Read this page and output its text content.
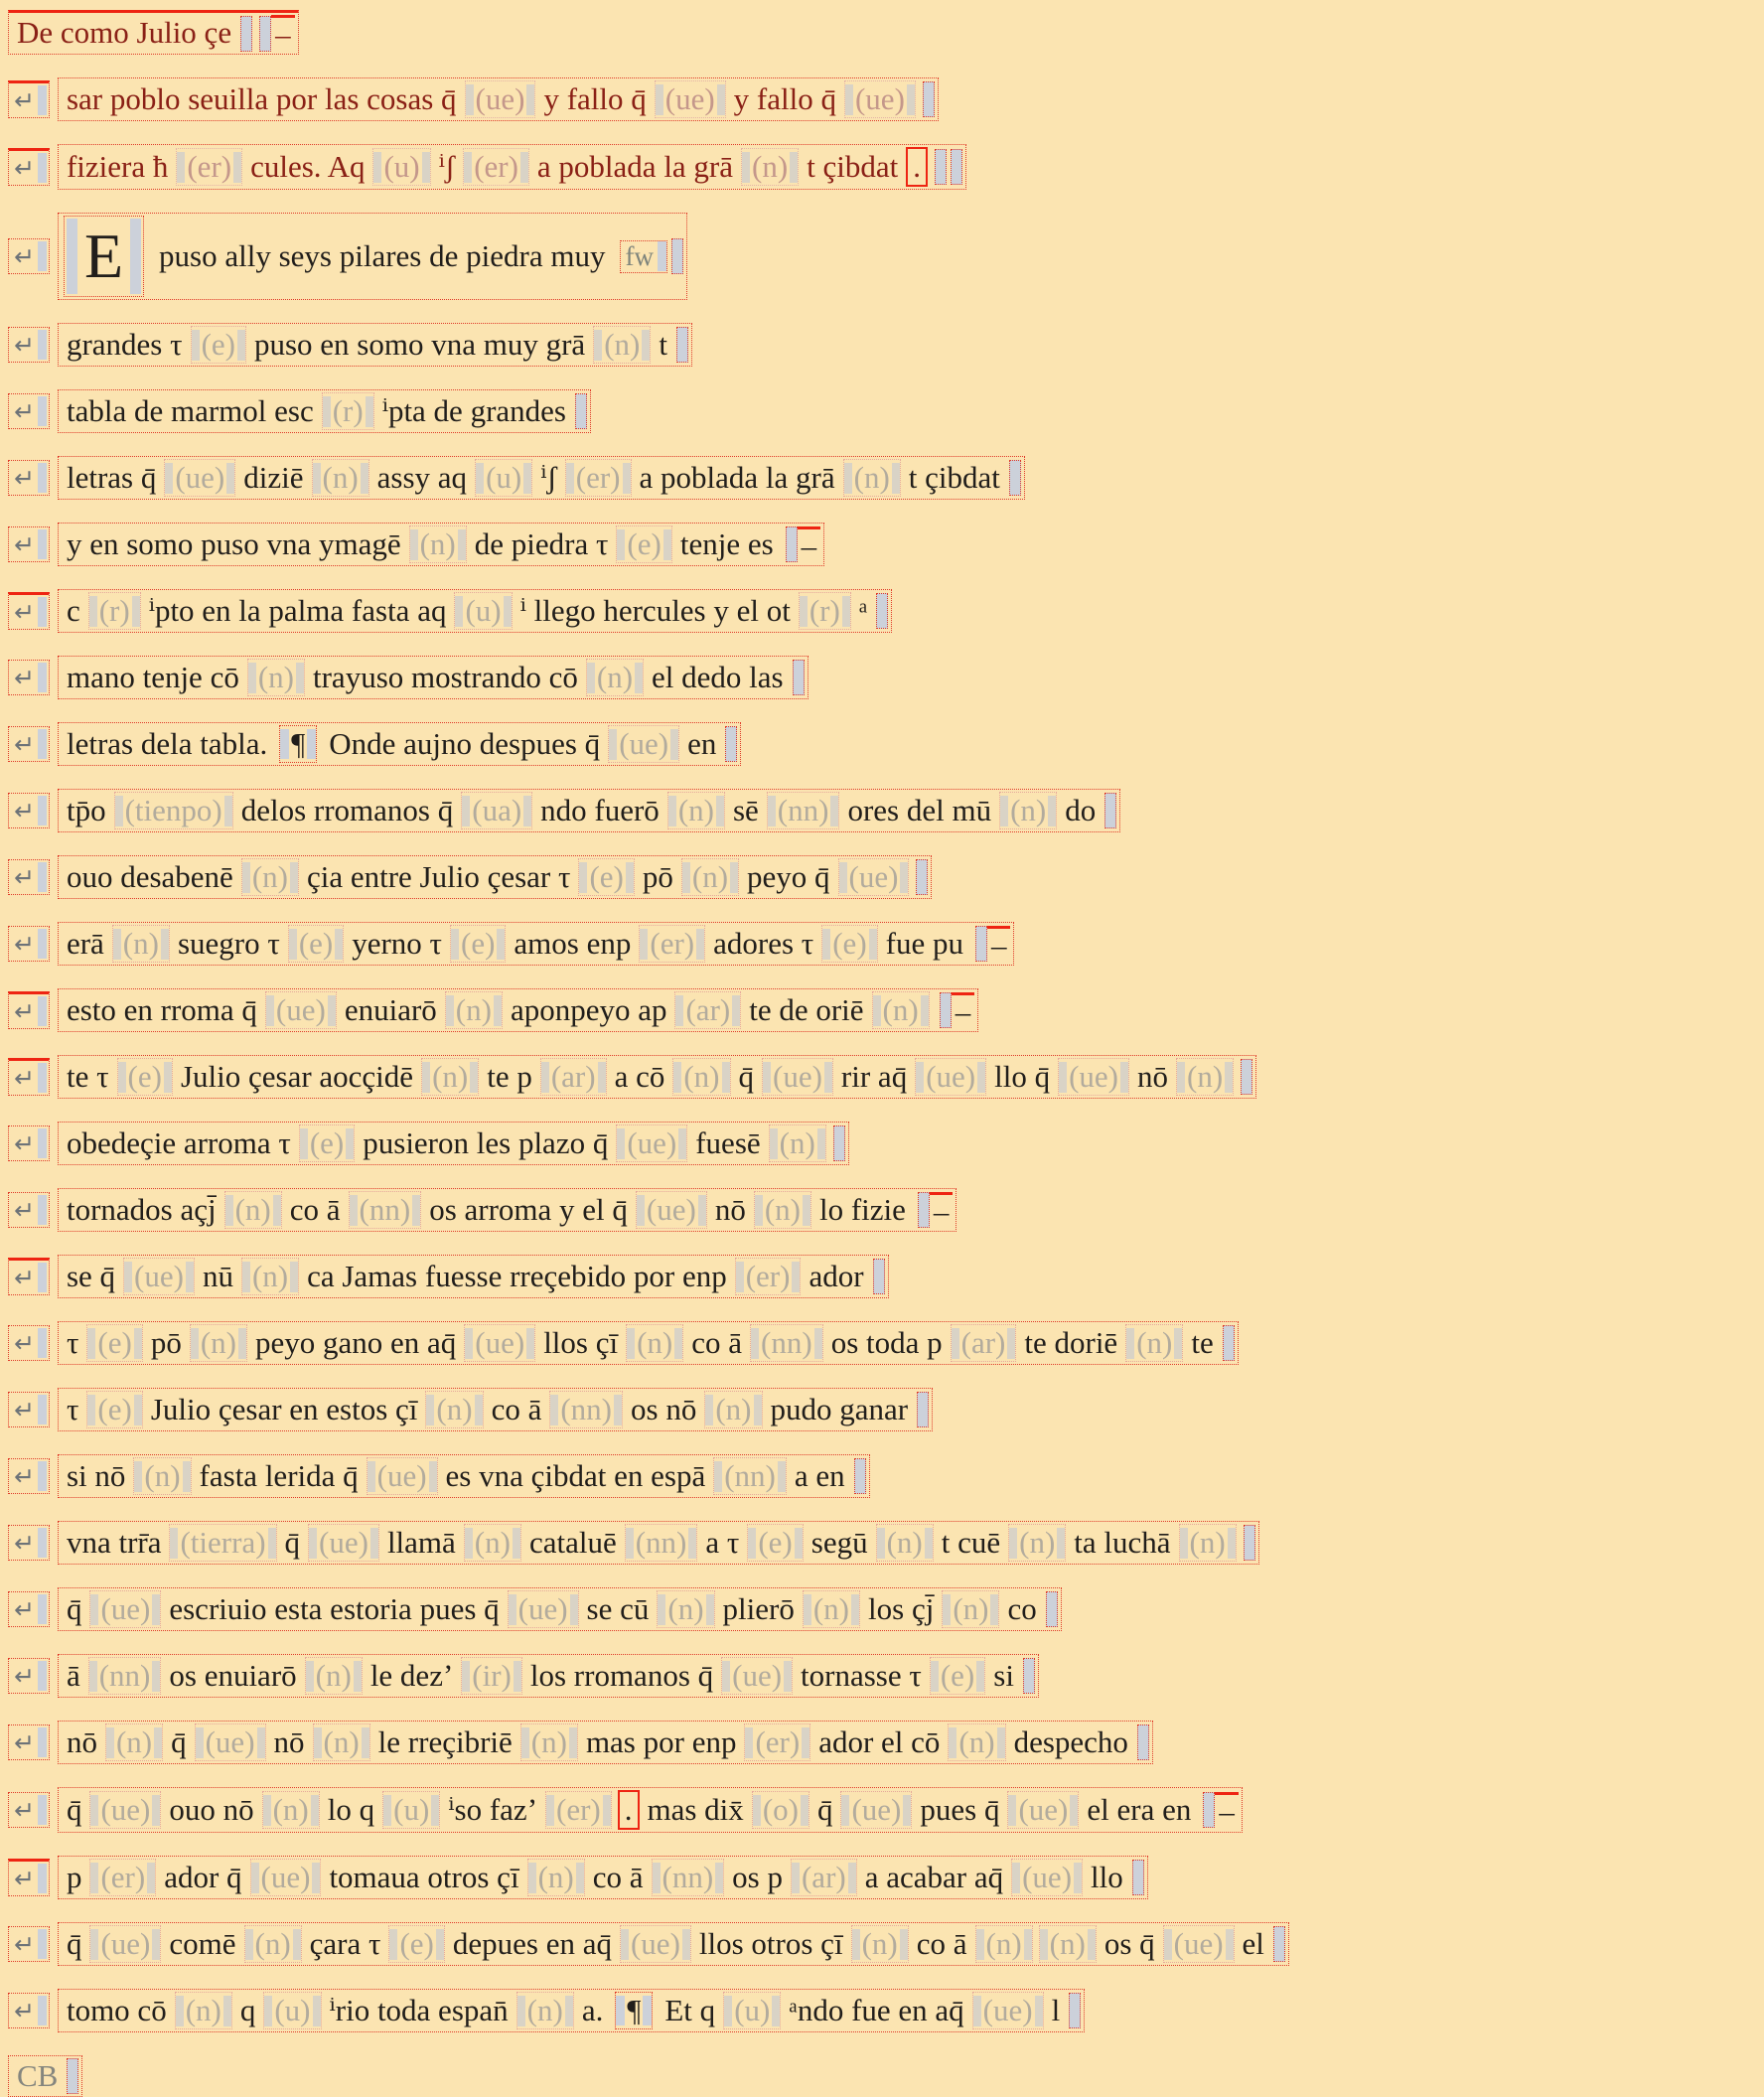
De como Julio çe –
↵ sar poblo seuilla por las cosas q̄ (ue) y fallo q̄ (ue) y fallo q̄ (ue)
↵ fiziera ħ (er) cules. Aq (u) ⁱʃ (er) a poblada la grā (n) t çibdat .
↵ E puso ally seys pilares de piedra muy fw
↵ grandes τ (e) puso en somo vna muy grā (n) t
↵ tabla de marmol esc (r) ⁱpta de grandes
↵ letras q̄ (ue) diziē (n) assy aq (u) ⁱʃ (er) a poblada la grā (n) t çibdat
↵ y en somo puso vna ymagē (n) de piedra τ (e) tenje es –
↵ c (r) ⁱpto en la palma fasta aq (u) ⁱ llego hercules y el ot (r) ᵃ
↵ mano tenje cō (n) trayuso mostrando cō (n) el dedo las
↵ letras dela tabla. ¶ Onde aujno despues q̄ (ue) en
↵ tp̄o (tienpo) delos rromanos q̄ (ua) ndo fuerō (n) sē (nn) ores del mū (n) do
↵ ouo desabenē (n) çia entre Julio çesar τ (e) pō (n) peyo q̄ (ue)
↵ erā (n) suegro τ (e) yerno τ (e) amos enp (er) adores τ (e) fue pu –
↵ esto en rroma q̄ (ue) enuiarō (n) aponpeyo ap (ar) te de oriē (n) –
↵ te τ (e) Julio çesar aocçidē (n) te p (ar) a cō (n) q̄ (ue) rir aq̄ (ue) llo q̄ (ue) nō (n)
↵ obedeçie arroma τ (e) pusieron les plazo q̄ (ue) fuesē (n)
↵ tornados açj̄ (n) co ā (nn) os arroma y el q̄ (ue) nō (n) lo fizie –
↵ se q̄ (ue) nū (n) ca Jamas fuesse rreçebido por enp (er) ador
↵ τ (e) pō (n) peyo gano en aq̄ (ue) llos çī (n) co ā (nn) os toda p (ar) te doriē (n) te
↵ τ (e) Julio çesar en estos çī (n) co ā (nn) os nō (n) pudo ganar
↵ si nō (n) fasta lerida q̄ (ue) es vna çibdat en espā (nn) a en
↵ vna trr̄a (tierra) q̄ (ue) llamā (n) cataluē (nn) a τ (e) segū (n) t cuē (n) ta luchā (n)
↵ q̄ (ue) escriuio esta estoria pues q̄ (ue) se cū (n) plierō (n) los çj̄ (n) co
↵ ā (nn) os enuiarō (n) le dezʼ (ir) los rromanos q̄ (ue) tornasse τ (e) si
↵ nō (n) q̄ (ue) nō (n) le rreçibriē (n) mas por enp (er) ador el cō (n) despecho
↵ q̄ (ue) ouo nō (n) lo q (u) ⁱso fazʼ (er) . mas dix̄ (o) q̄ (ue) pues q̄ (ue) el era en –
↵ p (er) ador q̄ (ue) tomaua otros çī (n) co ā (nn) os p (ar) a acabar aq̄ (ue) llo
↵ q̄ (ue) comē (n) çara τ (e) depues en aq̄ (ue) llos otros çī (n) co ā (n) (n) os q̄ (ue) el
↵ tomo cō (n) q (u) ⁱrio toda espan̄ (n) a. ¶ Et q (u) ᵃndo fue en aq̄ (ue) l
CB
